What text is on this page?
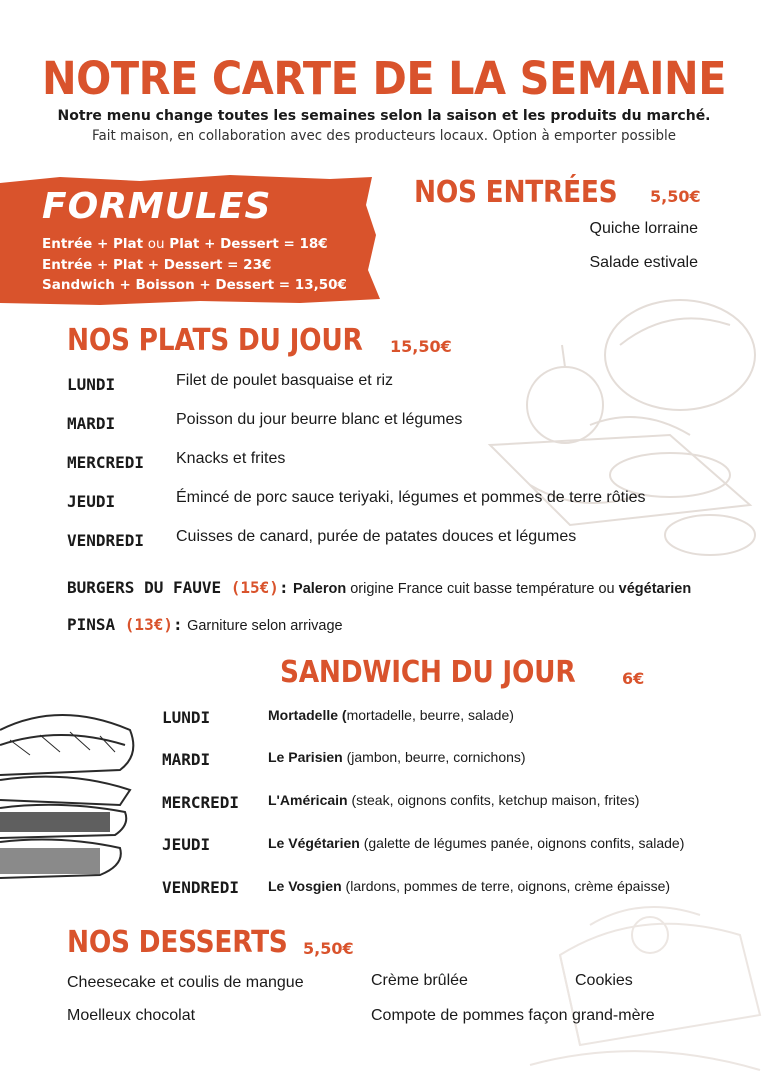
NOTRE CARTE DE LA SEMAINE
Notre menu change toutes les semaines selon la saison et les produits du marché.
Fait maison, en collaboration avec des producteurs locaux. Option à emporter possible
FORMULES
Entrée + Plat ou Plat + Dessert = 18€
Entrée + Plat + Dessert = 23€
Sandwich + Boisson + Dessert = 13,50€
NOS ENTRÉES 5,50€
Quiche lorraine
Salade estivale
NOS PLATS DU JOUR 15,50€
LUNDI	Filet de poulet basquaise et riz
MARDI	Poisson du jour beurre blanc et légumes
MERCREDI Knacks et frites
JEUDI	Émincé de porc sauce teriyaki, légumes et pommes de terre rôties
VENDREDI Cuisses de canard, purée de patates douces et légumes
BURGERS DU FAUVE (15€): Paleron origine France cuit basse température ou végétarien
PINSA (13€): Garniture selon arrivage
SANDWICH DU JOUR	6€
LUNDI	Mortadelle (mortadelle, beurre, salade)
MARDI	Le Parisien (jambon, beurre, cornichons)
MERCREDI L'Américain (steak, oignons confits, ketchup maison, frites)
JEUDI	Le Végétarien (galette de légumes panée, oignons confits, salade)
VENDREDI Le Vosgien (lardons, pommes de terre, oignons, crème épaisse)
NOS DESSERTS 5,50€
Cheesecake et coulis de mangue	Crème brûlée	Cookies
Moelleux chocolat	Compote de pommes façon grand-mère
